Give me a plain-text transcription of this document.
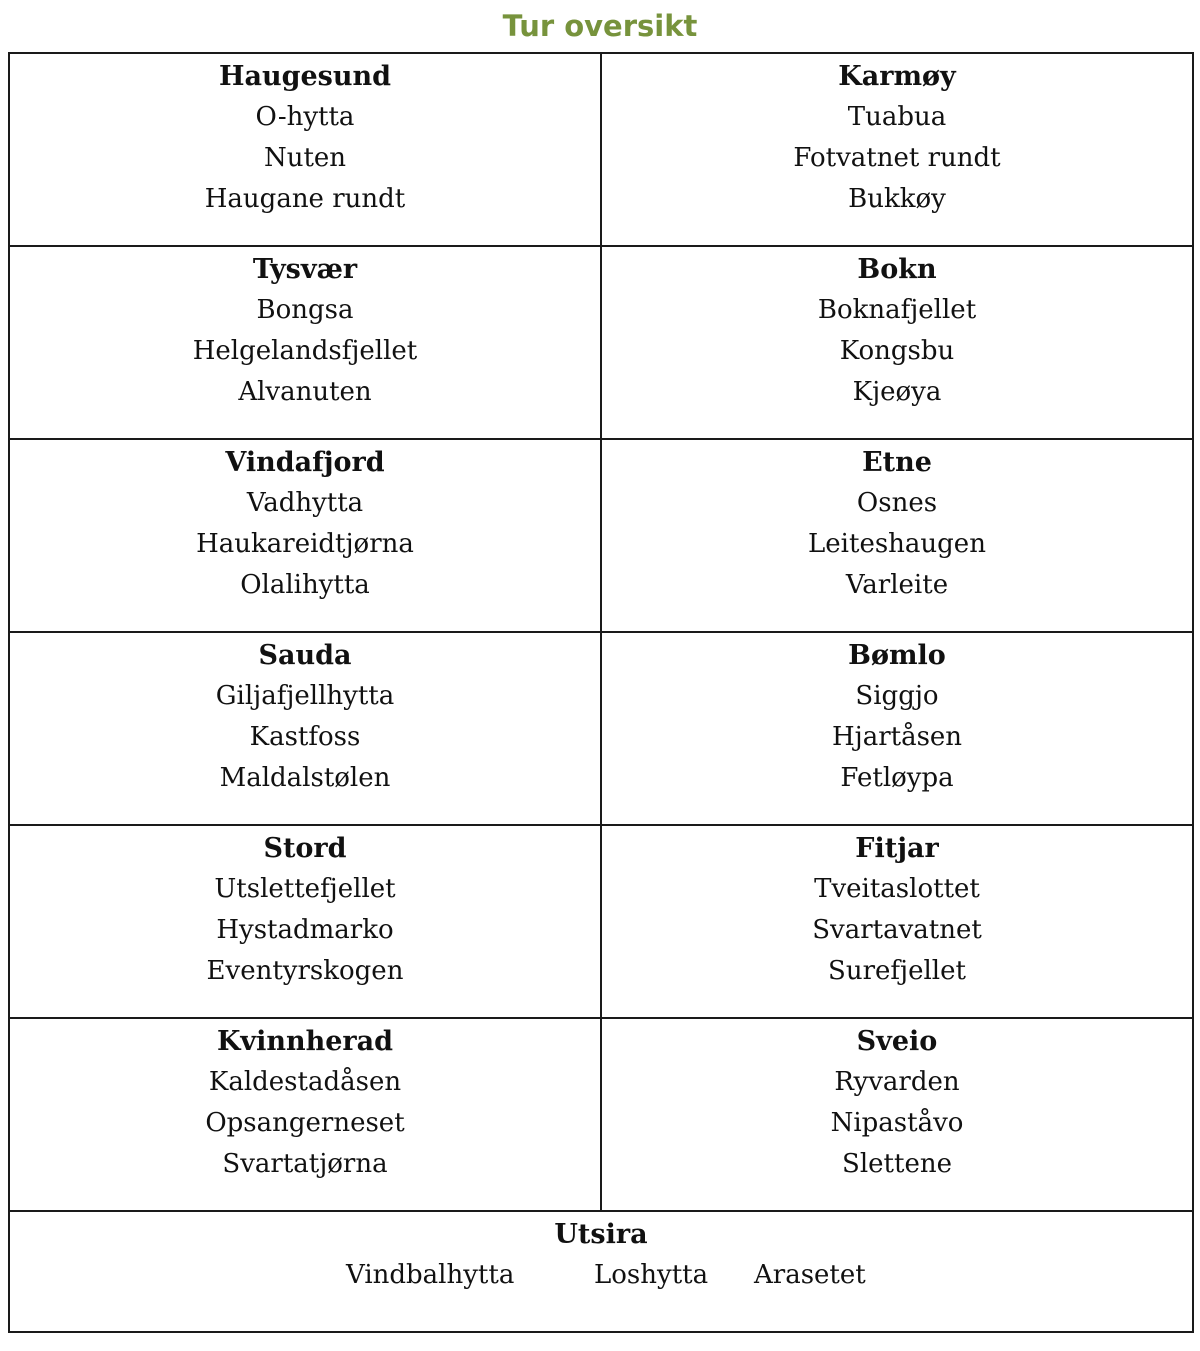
Tur oversikt
Haugesund
O-hytta
Nuten
Haugane rundt
Karmøy
Tuabua
Fotvatnet rundt
Bukkøy
Tysvær
Bongsa
Helgelandsfjellet
Alvanuten
Bokn
Boknafjellet
Kongsbu
Kjeøya
Vindafjord
Vadhytta
Haukareidtjørna
Olalihytta
Etne
Osnes
Leiteshaugen
Varleite
Sauda
Giljafjellhytta
Kastfoss
Maldalstølen
Bømlo
Siggjo
Hjartåsen
Fetløypa
Stord
Utslettefjellet
Hystadmarko
Eventyrskogen
Fitjar
Tveitaslottet
Svartavatnet
Surefjellet
Kvinnherad
Kaldestadåsen
Opsangerneset
Svartatjørna
Sveio
Ryvarden
Nipaståvo
Slettene
Utsira
Vindbalhytta	Loshytta Arasetet
